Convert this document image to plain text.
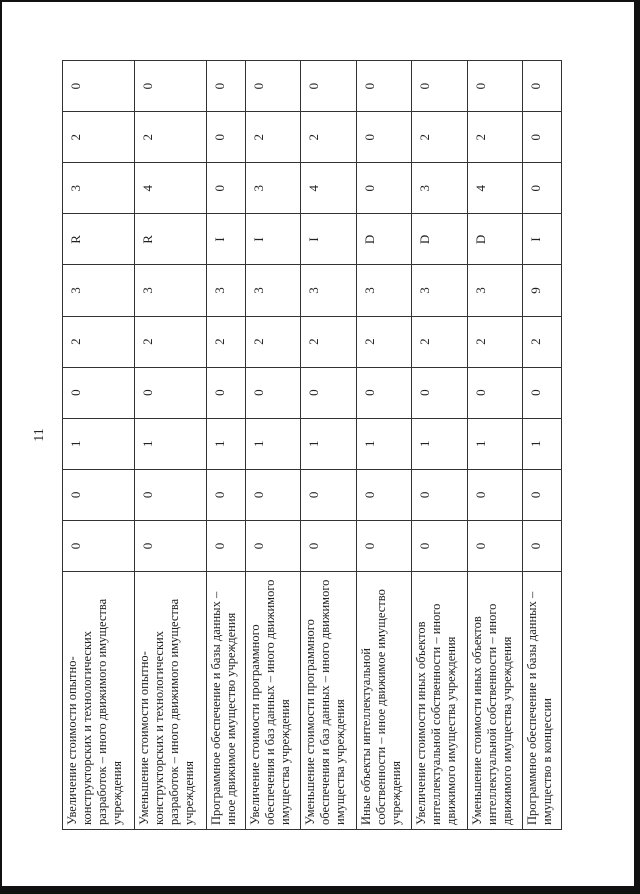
11
Увеличение стоимости опытно-конструкторских и технологических разработок – иного движимого имущества учреждения	0	0	1	0	2	3	R	3	2	0
Уменьшение стоимости опытно-конструкторских и технологических разработок – иного движимого имущества учреждения	0	0	1	0	2	3	R	4	2	0
Программное обеспечение и базы данных – иное движимое имущество учреждения	0	0	1	0	2	3	I	0	0	0
Увеличение стоимости программного обеспечения и баз данных – иного движимого имущества учреждения	0	0	1	0	2	3	I	3	2	0
Уменьшение стоимости программного обеспечения и баз данных – иного движимого имущества учреждения	0	0	1	0	2	3	I	4	2	0
Иные объекты интеллектуальной собственности – иное движимое имущество учреждения	0	0	1	0	2	3	D	0	0	0
Увеличение стоимости иных объектов интеллектуальной собственности – иного движимого имущества учреждения	0	0	1	0	2	3	D	3	2	0
Уменьшение стоимости иных объектов интеллектуальной собственности – иного движимого имущества учреждения	0	0	1	0	2	3	D	4	2	0
Программное обеспечение и базы данных – имущество в концессии	0	0	1	0	2	9	I	0	0	0
